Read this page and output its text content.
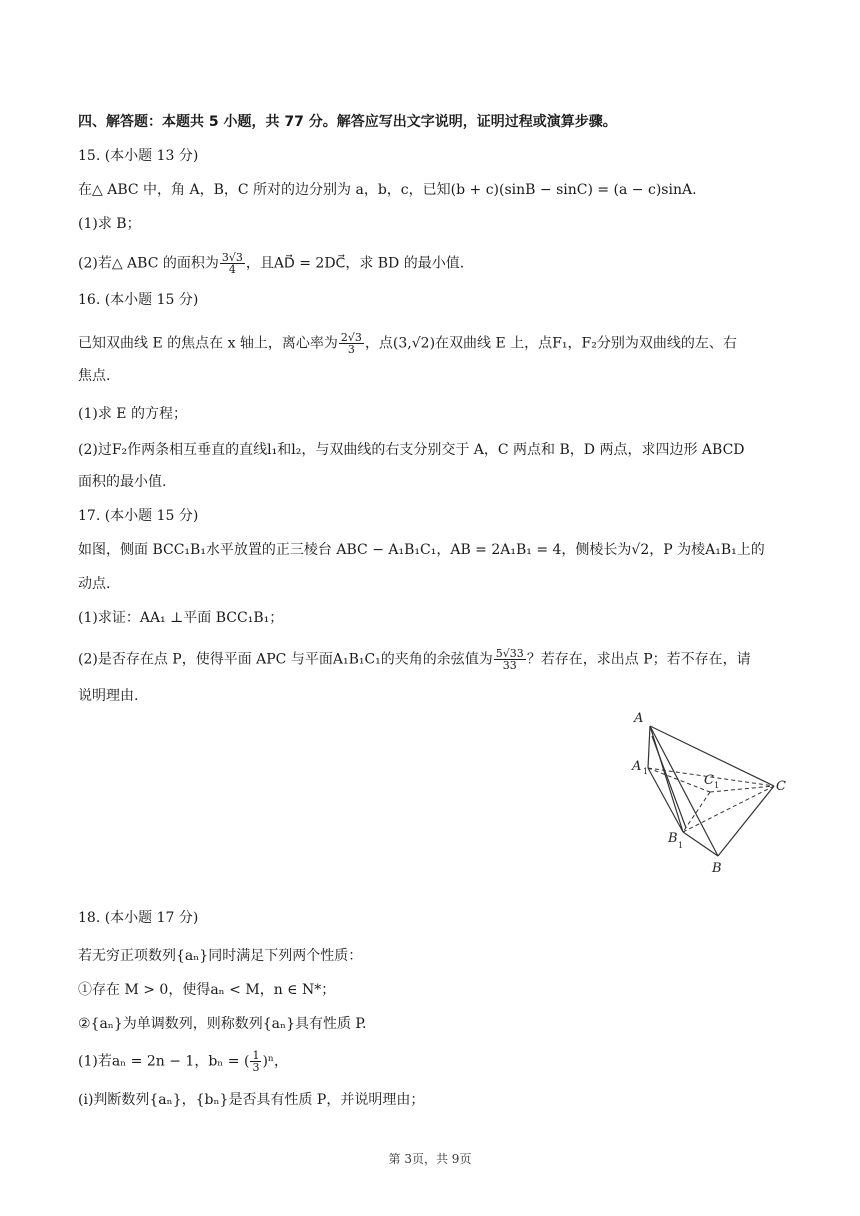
四、解答题：本题共 5 小题，共 77 分。解答应写出文字说明，证明过程或演算步骤。
15. (本小题 13 分)
在△ ABC 中，角 A，B，C 所对的边分别为 a，b，c，已知(b + c)(sinB − sinC) = (a − c)sinA.
(1)求 B；
(2)若△ ABC 的面积为 $\frac{3√3}{4}$ ，且AD⃗ = 2DC⃗，求 BD 的最小值.
16. (本小题 15 分)
已知双曲线 E 的焦点在 x 轴上，离心率为 $\frac{2√3}{3}$ ，点(3,√2)在双曲线 E 上，点F₁，F₂分别为双曲线的左、右
焦点.
(1)求 E 的方程；
(2)过F₂作两条相互垂直的直线l₁和l₂，与双曲线的右支分别交于 A，C 两点和 B，D 两点，求四边形 ABCD
面积的最小值.
17. (本小题 15 分)
如图，侧面 BCC₁B₁水平放置的正三棱台 ABC − A₁B₁C₁，AB = 2A₁B₁ = 4，侧棱长为√2，P 为棱A₁B₁上的
动点.
(1)求证：AA₁ ⊥平面 BCC₁B₁；
(2)是否存在点 P，使得平面 APC 与平面A₁B₁C₁的夹角的余弦值为 $\frac{5√33}{33}$ ？若存在，求出点 P；若不存在，请
说明理由.
A
A 1
C 1	C
B 1
B
18. (本小题 17 分)
若无穷正项数列{aₙ}同时满足下列两个性质：
①存在 M > 0，使得aₙ < M，n ∈ N*；
②{aₙ}为单调数列，则称数列{aₙ}具有性质 P.
(1)若aₙ = 2n − 1，bₙ = ( $\frac{1}{3} )^n$，
(ⅰ)判断数列{aₙ}，{bₙ}是否具有性质 P，并说明理由；
第 3页，共 9页
